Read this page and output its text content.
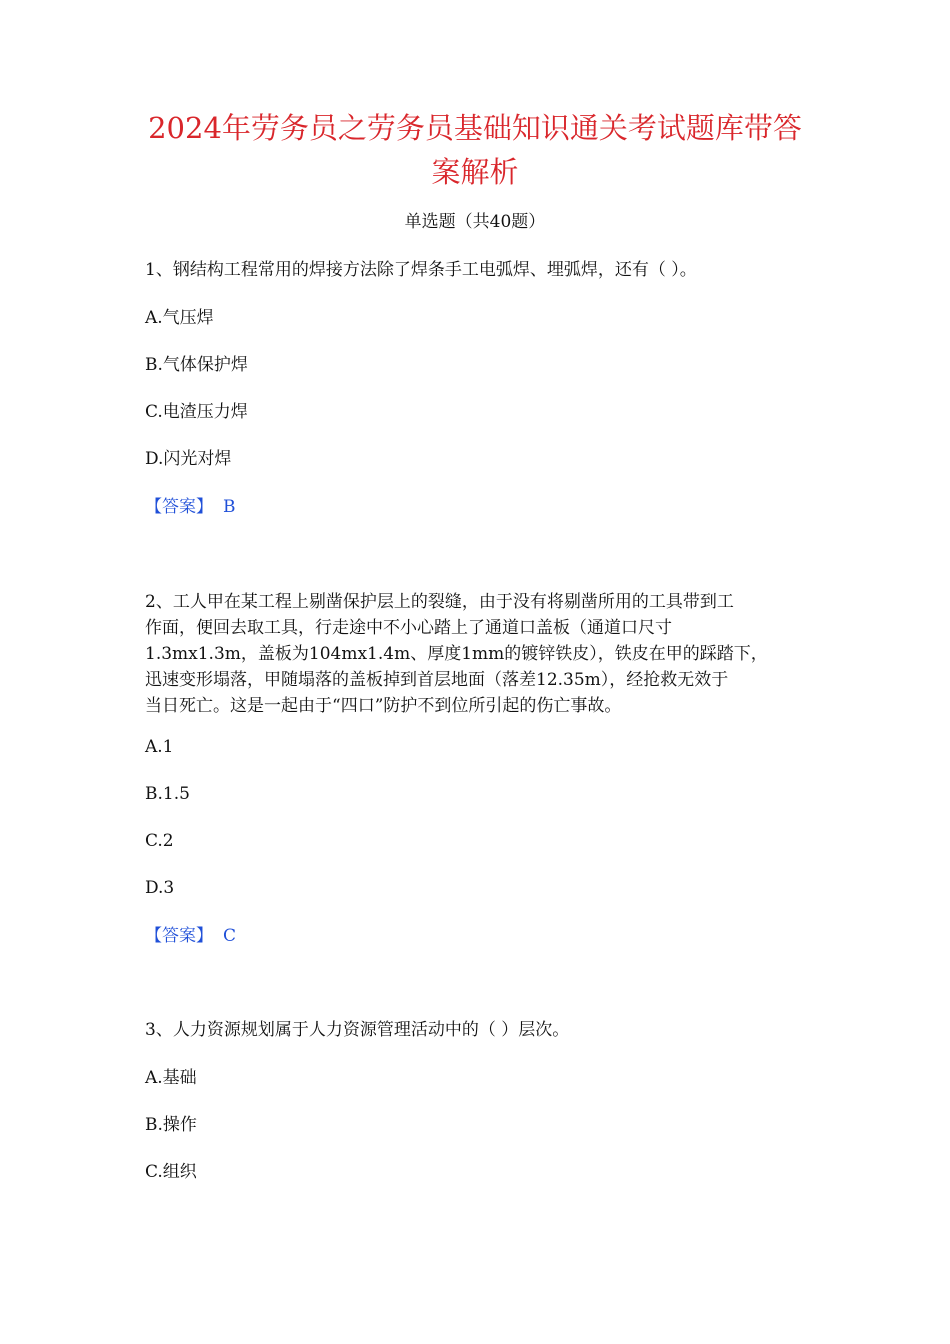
2024年劳务员之劳务员基础知识通关考试题库带答
案解析
单选题（共40题）
1、钢结构工程常用的焊接方法除了焊条手工电弧焊、埋弧焊，还有（ ）。
A.气压焊
B.气体保护焊
C.电渣压力焊
D.闪光对焊
【答案】 B
2、工人甲在某工程上剔凿保护层上的裂缝，由于没有将剔凿所用的工具带到工
作面，便回去取工具，行走途中不小心踏上了通道口盖板（通道口尺寸
1.3mx1.3m，盖板为104mx1.4m、厚度1mm的镀锌铁皮），铁皮在甲的踩踏下，
迅速变形塌落，甲随塌落的盖板掉到首层地面（落差12.35m），经抢救无效于
当日死亡。这是一起由于“四口”防护不到位所引起的伤亡事故。
A.1
B.1.5
C.2
D.3
【答案】 C
3、人力资源规划属于人力资源管理活动中的（ ）层次。
A.基础
B.操作
C.组织
